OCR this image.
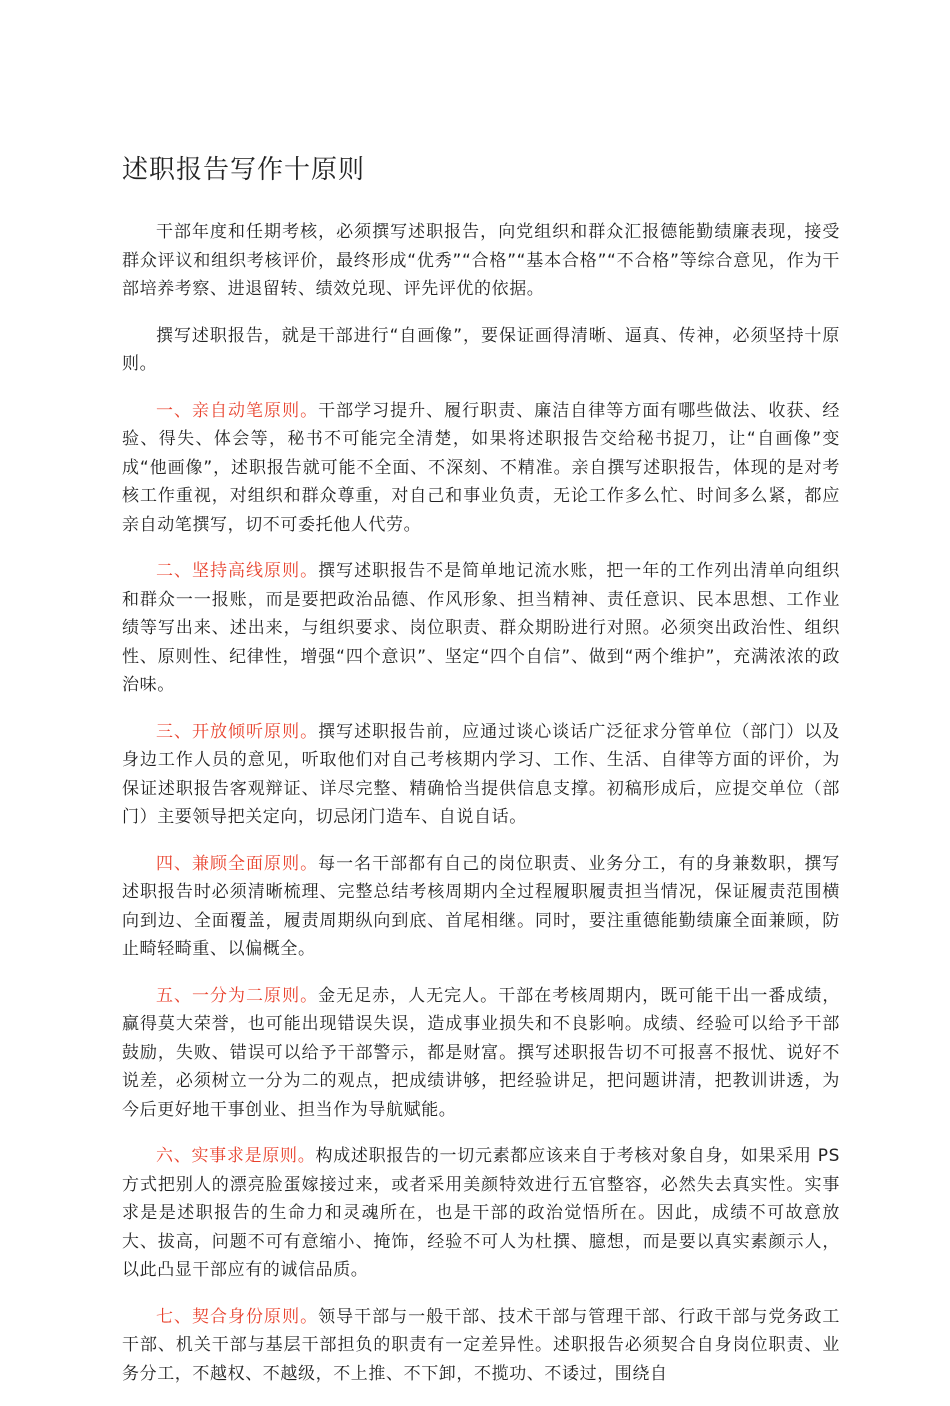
述职报告写作十原则

干部年度和任期考核，必须撰写述职报告，向党组织和群众汇报德能勤绩廉表现，接受群众评议和组织考核评价，最终形成“优秀”“合格”“基本合格”“不合格”等综合意见，作为干部培养考察、进退留转、绩效兑现、评先评优的依据。

撰写述职报告，就是干部进行“自画像”，要保证画得清晰、逼真、传神，必须坚持十原则。

一、亲自动笔原则。干部学习提升、履行职责、廉洁自律等方面有哪些做法、收获、经验、得失、体会等，秘书不可能完全清楚，如果将述职报告交给秘书捉刀，让“自画像”变成“他画像”，述职报告就可能不全面、不深刻、不精准。亲自撰写述职报告，体现的是对考核工作重视，对组织和群众尊重，对自己和事业负责，无论工作多么忙、时间多么紧，都应亲自动笔撰写，切不可委托他人代劳。

二、坚持高线原则。撰写述职报告不是简单地记流水账，把一年的工作列出清单向组织和群众一一报账，而是要把政治品德、作风形象、担当精神、责任意识、民本思想、工作业绩等写出来、述出来，与组织要求、岗位职责、群众期盼进行对照。必须突出政治性、组织性、原则性、纪律性，增强“四个意识”、坚定“四个自信”、做到“两个维护”，充满浓浓的政治味。

三、开放倾听原则。撰写述职报告前，应通过谈心谈话广泛征求分管单位（部门）以及身边工作人员的意见，听取他们对自己考核期内学习、工作、生活、自律等方面的评价，为保证述职报告客观辩证、详尽完整、精确恰当提供信息支撑。初稿形成后，应提交单位（部门）主要领导把关定向，切忌闭门造车、自说自话。

四、兼顾全面原则。每一名干部都有自己的岗位职责、业务分工，有的身兼数职，撰写述职报告时必须清晰梳理、完整总结考核周期内全过程履职履责担当情况，保证履责范围横向到边、全面覆盖，履责周期纵向到底、首尾相继。同时，要注重德能勤绩廉全面兼顾，防止畸轻畸重、以偏概全。

五、一分为二原则。金无足赤，人无完人。干部在考核周期内，既可能干出一番成绩，赢得莫大荣誉，也可能出现错误失误，造成事业损失和不良影响。成绩、经验可以给予干部鼓励，失败、错误可以给予干部警示，都是财富。撰写述职报告切不可报喜不报忧、说好不说差，必须树立一分为二的观点，把成绩讲够，把经验讲足，把问题讲清，把教训讲透，为今后更好地干事创业、担当作为导航赋能。

六、实事求是原则。构成述职报告的一切元素都应该来自于考核对象自身，如果采用 PS 方式把别人的漂亮脸蛋嫁接过来，或者采用美颜特效进行五官整容，必然失去真实性。实事求是是述职报告的生命力和灵魂所在，也是干部的政治觉悟所在。因此，成绩不可故意放大、拔高，问题不可有意缩小、掩饰，经验不可人为杜撰、臆想，而是要以真实素颜示人，以此凸显干部应有的诚信品质。

七、契合身份原则。领导干部与一般干部、技术干部与管理干部、行政干部与党务政工干部、机关干部与基层干部担负的职责有一定差异性。述职报告必须契合自身岗位职责、业务分工，不越权、不越级，不上推、不下卸，不揽功、不诿过，围绕自
